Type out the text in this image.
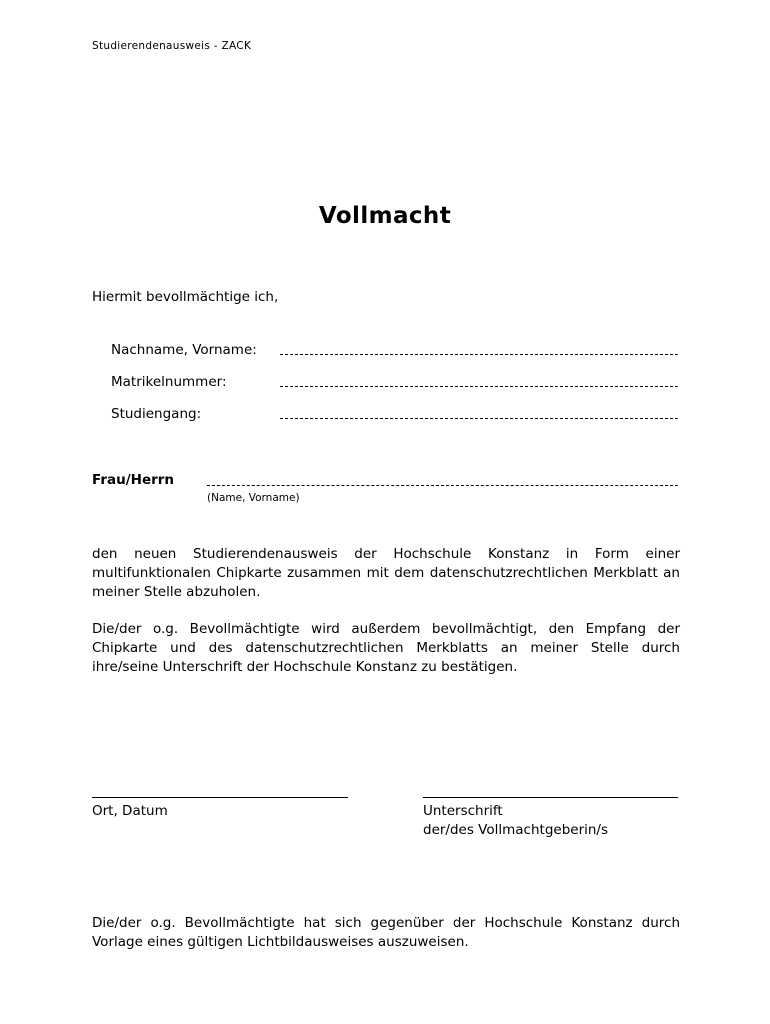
Studierendenausweis - ZACK
Vollmacht
Hiermit bevollmächtige ich,
Nachname, Vorname:
Matrikelnummer:
Studiengang:
Frau/Herrn
(Name, Vorname)
den neuen Studierendenausweis der Hochschule Konstanz in Form einer multifunktionalen Chipkarte zusammen mit dem datenschutzrechtlichen Merkblatt an meiner Stelle abzuholen.
Die/der o.g. Bevollmächtigte wird außerdem bevollmächtigt, den Empfang der Chipkarte und des datenschutzrechtlichen Merkblatts an meiner Stelle durch ihre/seine Unterschrift der Hochschule Konstanz zu bestätigen.
Ort, Datum	Unterschrift
der/des Vollmachtgeberin/s
Die/der o.g. Bevollmächtigte hat sich gegenüber der Hochschule Konstanz durch Vorlage eines gültigen Lichtbildausweises auszuweisen.
